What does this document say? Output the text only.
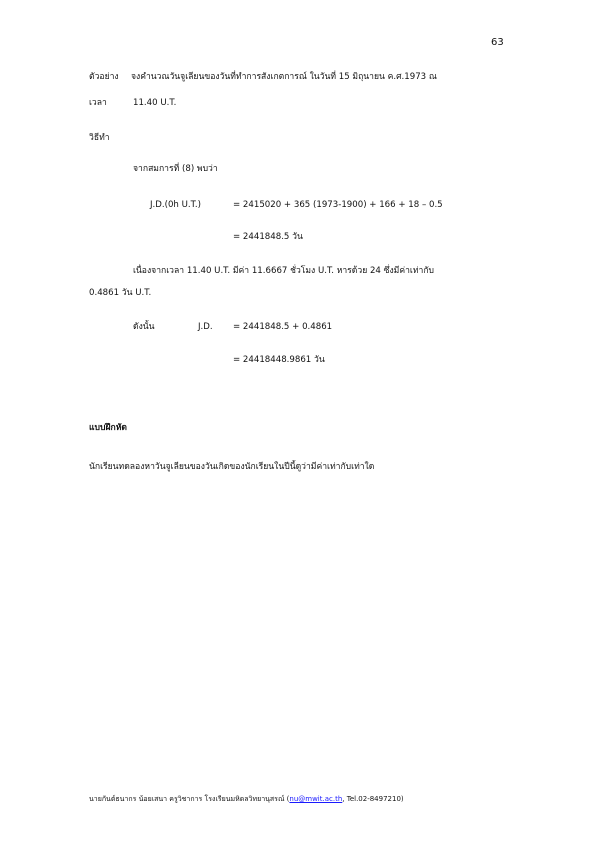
63
ตัวอย่าง จงคำนวณวันจูเลียนของวันที่ทำการสังเกตการณ์ ในวันที่ 15 มิถุนายน ค.ศ.1973 ณ
เวลา	11.40 U.T.
วิธีทำ
จากสมการที่ (8) พบว่า
J.D.(0h U.T.)	= 2415020 + 365 (1973-1900) + 166 + 18 – 0.5
= 2441848.5 วัน
เนื่องจากเวลา 11.40 U.T. มีค่า 11.6667 ชั่วโมง U.T. หารด้วย 24 ซึ่งมีค่าเท่ากับ
0.4861 วัน U.T.
ดังนั้น	J.D. = 2441848.5 + 0.4861
= 24418448.9861 วัน
แบบฝึกหัด
นักเรียนทดลองหาวันจูเลียนของวันเกิดของนักเรียนในปีนี้ดูว่ามีค่าเท่ากับเท่าใด
นายกันต์ธนากร น้อยเสนา ครูวิชาการ โรงเรียนมหิดลวิทยานุสรณ์ (nu@mwit.ac.th, Tel.02-8497210)
